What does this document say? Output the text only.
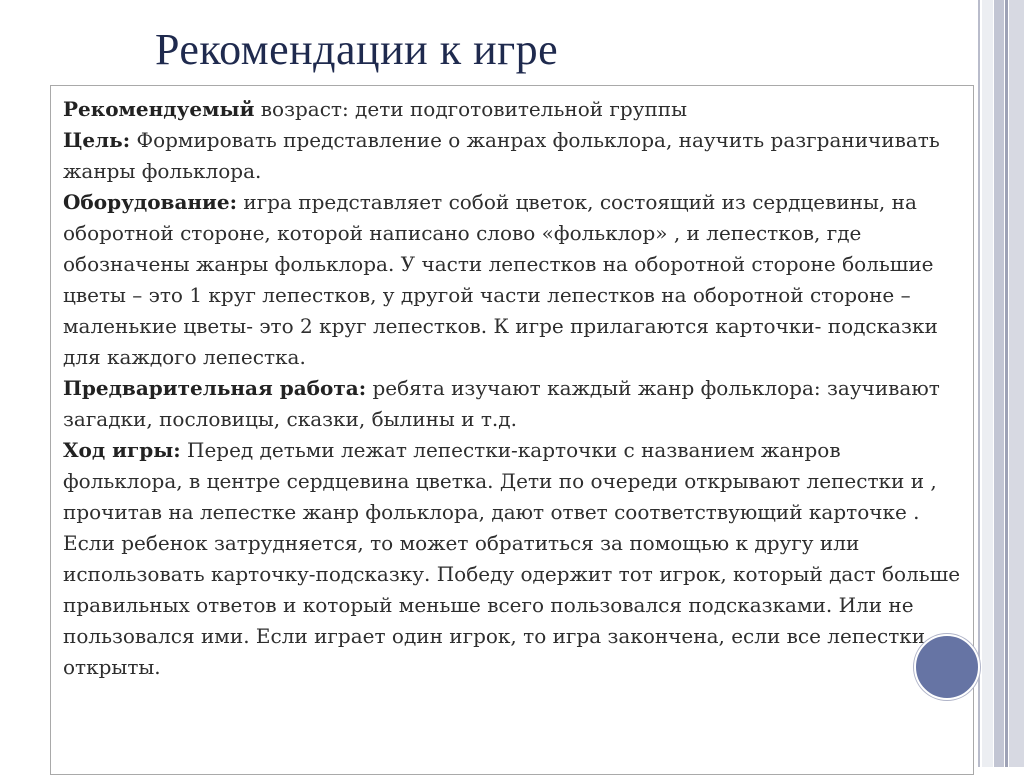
Рекомендации к игре

Рекомендуемый возраст: дети подготовительной группы

Цель: Формировать представление о жанрах фольклора, научить разграничивать жанры фольклора.

Оборудование: игра представляет собой цветок, состоящий из сердцевины, на оборотной стороне, которой написано слово «фольклор» , и лепестков, где обозначены жанры фольклора. У части лепестков на оборотной стороне большие цветы – это 1 круг лепестков, у другой части лепестков на оборотной стороне – маленькие цветы- это 2 круг лепестков. К игре прилагаются карточки- подсказки для каждого лепестка.

Предварительная работа: ребята изучают каждый жанр фольклора: заучивают загадки, пословицы, сказки, былины и т.д.

Ход игры: Перед детьми лежат лепестки-карточки с названием жанров фольклора, в центре сердцевина цветка. Дети по очереди открывают лепестки и , прочитав на лепестке жанр фольклора, дают ответ соответствующий карточке . Если ребенок затрудняется, то может обратиться за помощью к другу или использовать карточку-подсказку. Победу одержит тот игрок, который даст больше правильных ответов и который меньше всего пользовался подсказками. Или не пользовался ими. Если играет один игрок, то игра закончена, если все лепестки открыты.
